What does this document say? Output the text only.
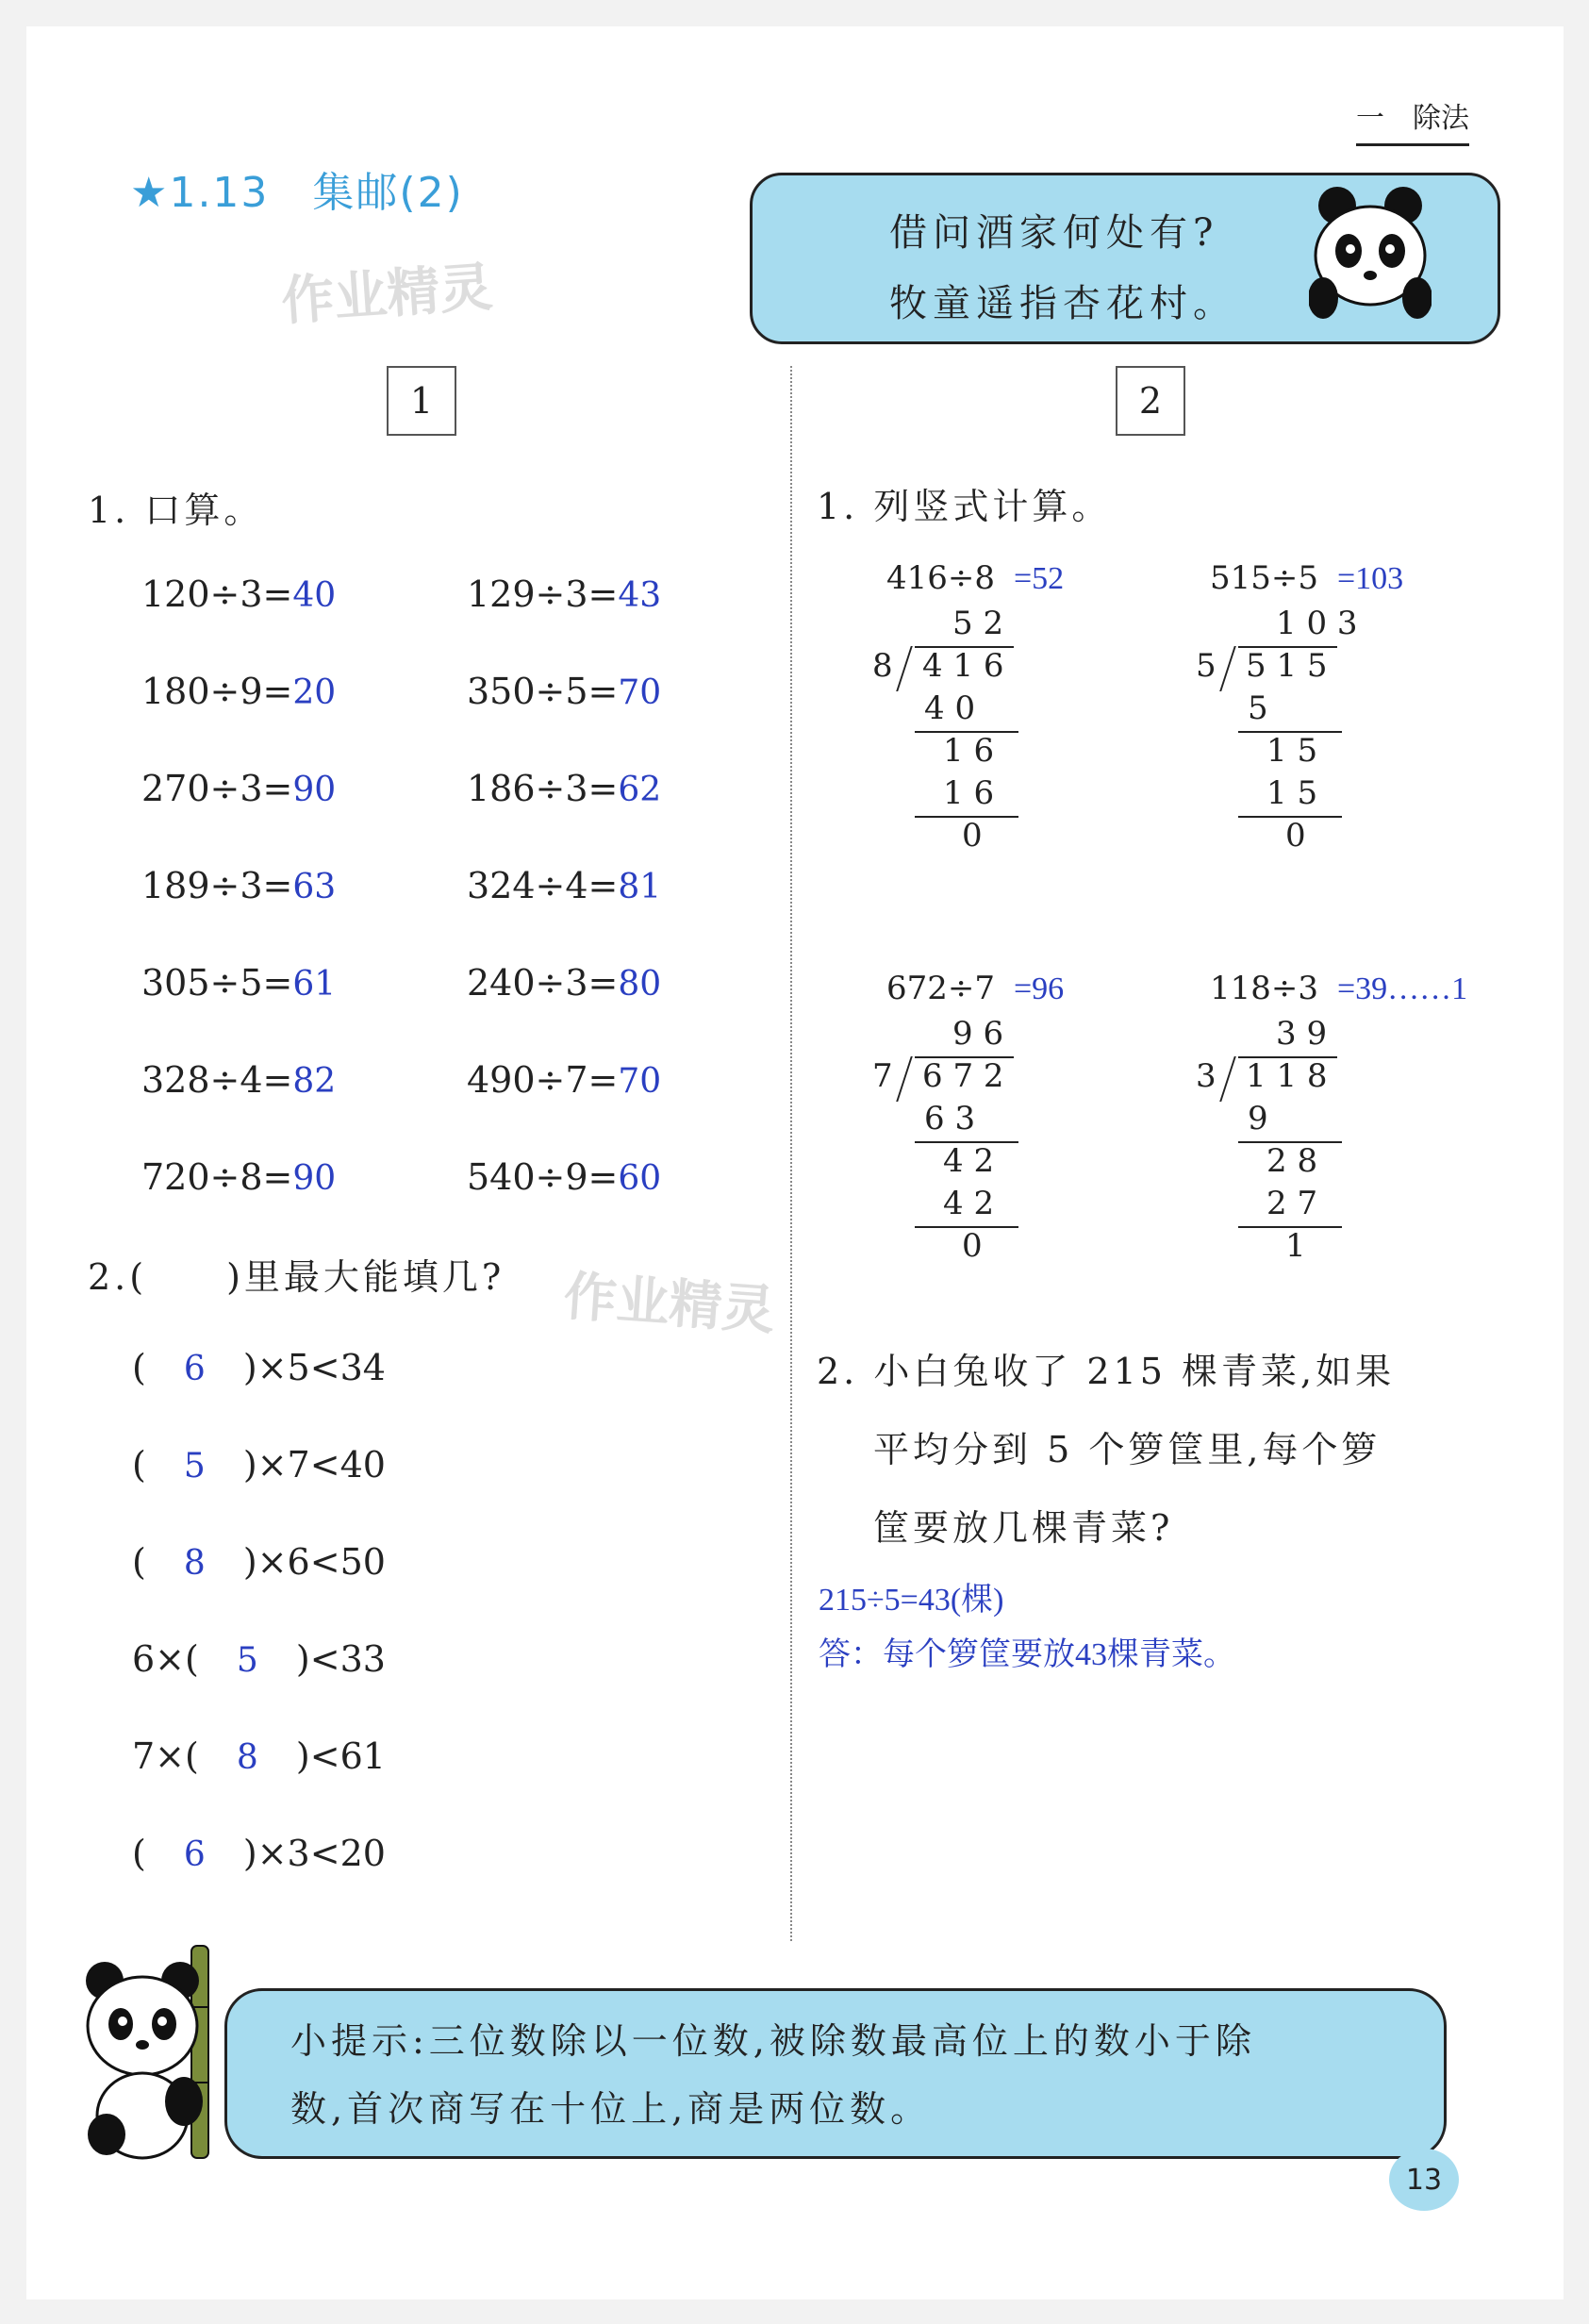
一　除法
★1.13　集邮(2)
作业精灵
借问酒家何处有?
牧童遥指杏花村。
1	2
1. 口算。
120÷3=40	129÷3=43
180÷9=20	350÷5=70
270÷3=90	186÷3=62
189÷3=63	324÷4=81
305÷5=61	240÷3=80
328÷4=82	490÷7=70
720÷8=90	540÷9=60
2.(　　)里最大能填几? 作业精灵
( 6 )×5<34
( 5 )×7<40
( 8 )×6<50
6×( 5 )<33
7×( 8 )<61
( 6 )×3<20
1. 列竖式计算。
416÷8 =52
5 2
8 4 1 6
4 0
1 6
1 6
0
515÷5 =103
1 0 3
5 5 1 5
5
1 5
1 5
0
672÷7 =96
9 6
7 6 7 2
6 3
4 2
4 2
0
118÷3 =39……1
3 9
3 1 1 8
9
2 8
2 7
1
2. 小白兔收了 215 棵青菜,如果
平均分到 5 个箩筐里,每个箩
筐要放几棵青菜?
215÷5=43(棵)
答：每个箩筐要放43棵青菜。
小提示:三位数除以一位数,被除数最高位上的数小于除
数,首次商写在十位上,商是两位数。
13
